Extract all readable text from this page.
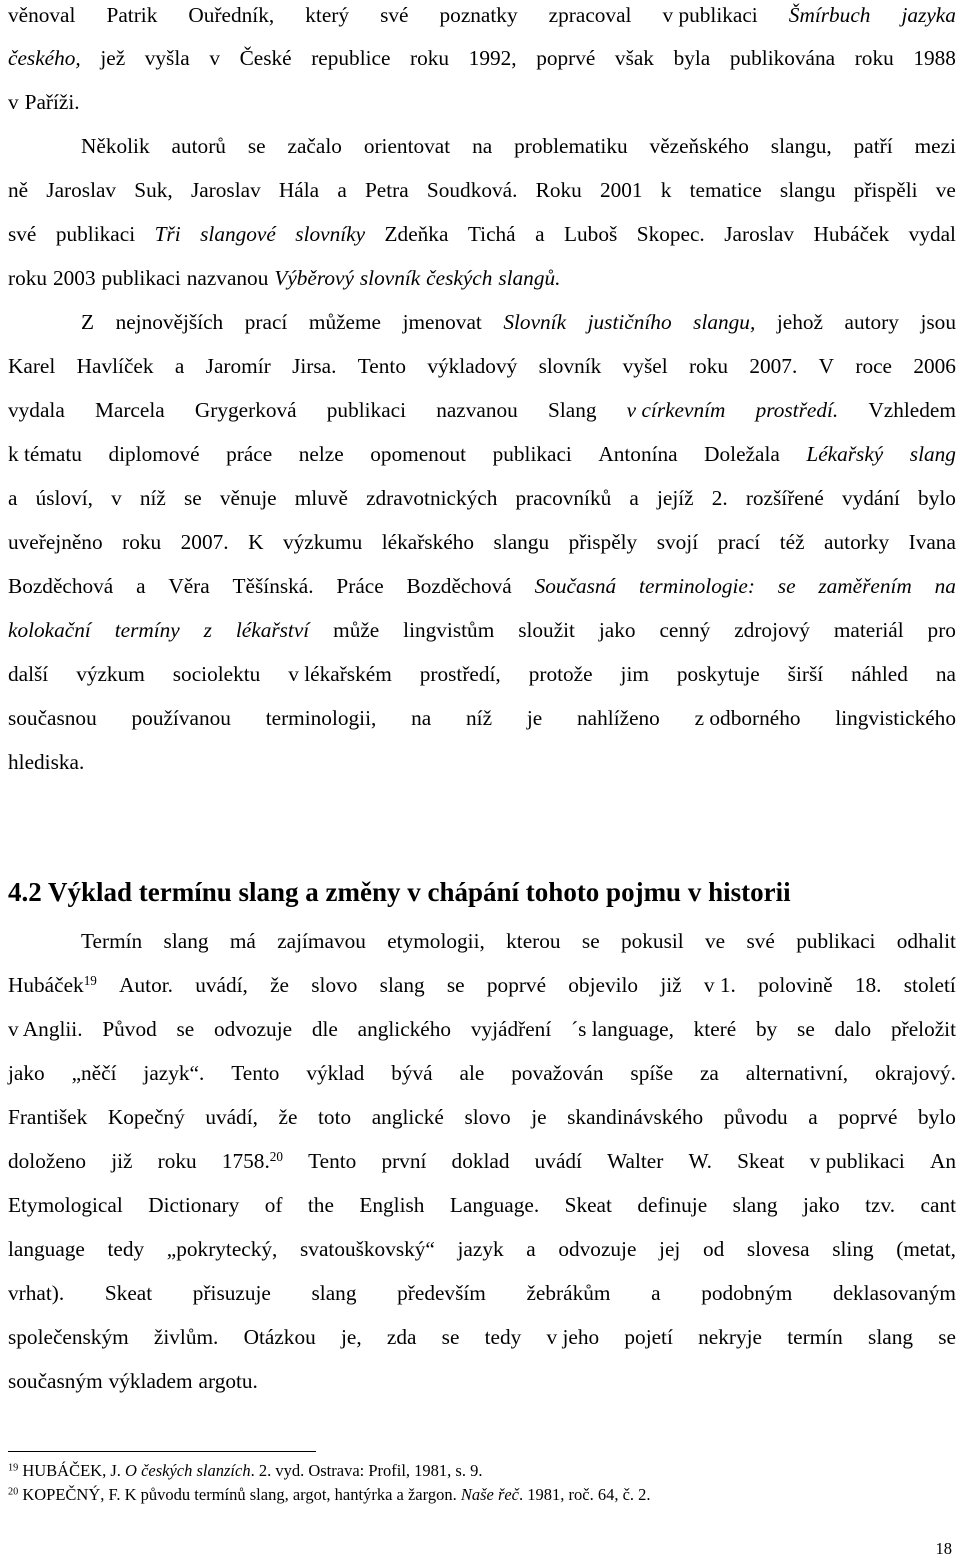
4.2 Výklad termínu slang a změny v chápání tohoto pojmu v historii
$^{19}$ HUBÁČEK, J. O českých slanzích. 2. vyd. Ostrava: Profil, 1981, s. 9.
$^{20}$ KOPEČNÝ, F. K původu termínů slang, argot, hantýrka a žargon. Naše řeč. 1981, roč. 64, č. 2.
18
věnoval Patrik Ouředník, který své poznatky zpracoval v publikaci Šmírbuch jazyka
českého, jež vyšla v České republice roku 1992, poprvé však byla publikována roku 1988
v Paříži.
Několik autorů se začalo orientovat na problematiku vězeňského slangu, patří mezi
ně Jaroslav Suk, Jaroslav Hála a Petra Soudková. Roku 2001 k tematice slangu přispěli ve
své publikaci Tři slangové slovníky Zdeňka Tichá a Luboš Skopec. Jaroslav Hubáček vydal
roku 2003 publikaci nazvanou Výběrový slovník českých slangů.
Z nejnovějších prací můžeme jmenovat Slovník justičního slangu, jehož autory jsou
Karel Havlíček a Jaromír Jirsa. Tento výkladový slovník vyšel roku 2007. V roce 2006
vydala Marcela Grygerková publikaci nazvanou Slang v církevním prostředí. Vzhledem
k tématu diplomové práce nelze opomenout publikaci Antonína Doležala Lékařský slang
a úsloví, v níž se věnuje mluvě zdravotnických pracovníků a jejíž 2. rozšířené vydání bylo
uveřejněno roku 2007. K výzkumu lékařského slangu přispěly svojí prací též autorky Ivana
Bozděchová a Věra Těšínská. Práce Bozděchová Současná terminologie: se zaměřením na
kolokační termíny z lékařství může lingvistům sloužit jako cenný zdrojový materiál pro
další výzkum sociolektu v lékařském prostředí, protože jim poskytuje širší náhled na
současnou používanou terminologii, na níž je nahlíženo z odborného lingvistického
hlediska.
Termín slang má zajímavou etymologii, kterou se pokusil ve své publikaci odhalit
Hubáček$^{19}$ Autor. uvádí, že slovo slang se poprvé objevilo již v 1. polovině 18. století
v Anglii. Původ se odvozuje dle anglického vyjádření ´s language, které by se dalo přeložit
jako „něčí jazyk“. Tento výklad bývá ale považován spíše za alternativní, okrajový.
František Kopečný uvádí, že toto anglické slovo je skandinávského původu a poprvé bylo
doloženo již roku 1758.20 Tento první doklad uvádí Walter W. Skeat v publikaci An
Etymological Dictionary of the English Language. Skeat definuje slang jako tzv. cant
language tedy „pokrytecký, svatouškovský“ jazyk a odvozuje jej od slovesa sling (metat,
vrhat). Skeat přisuzuje slang především žebrákům a podobným deklasovaným
společenským živlům. Otázkou je, zda se tedy v jeho pojetí nekryje termín slang se
současným výkladem argotu.
